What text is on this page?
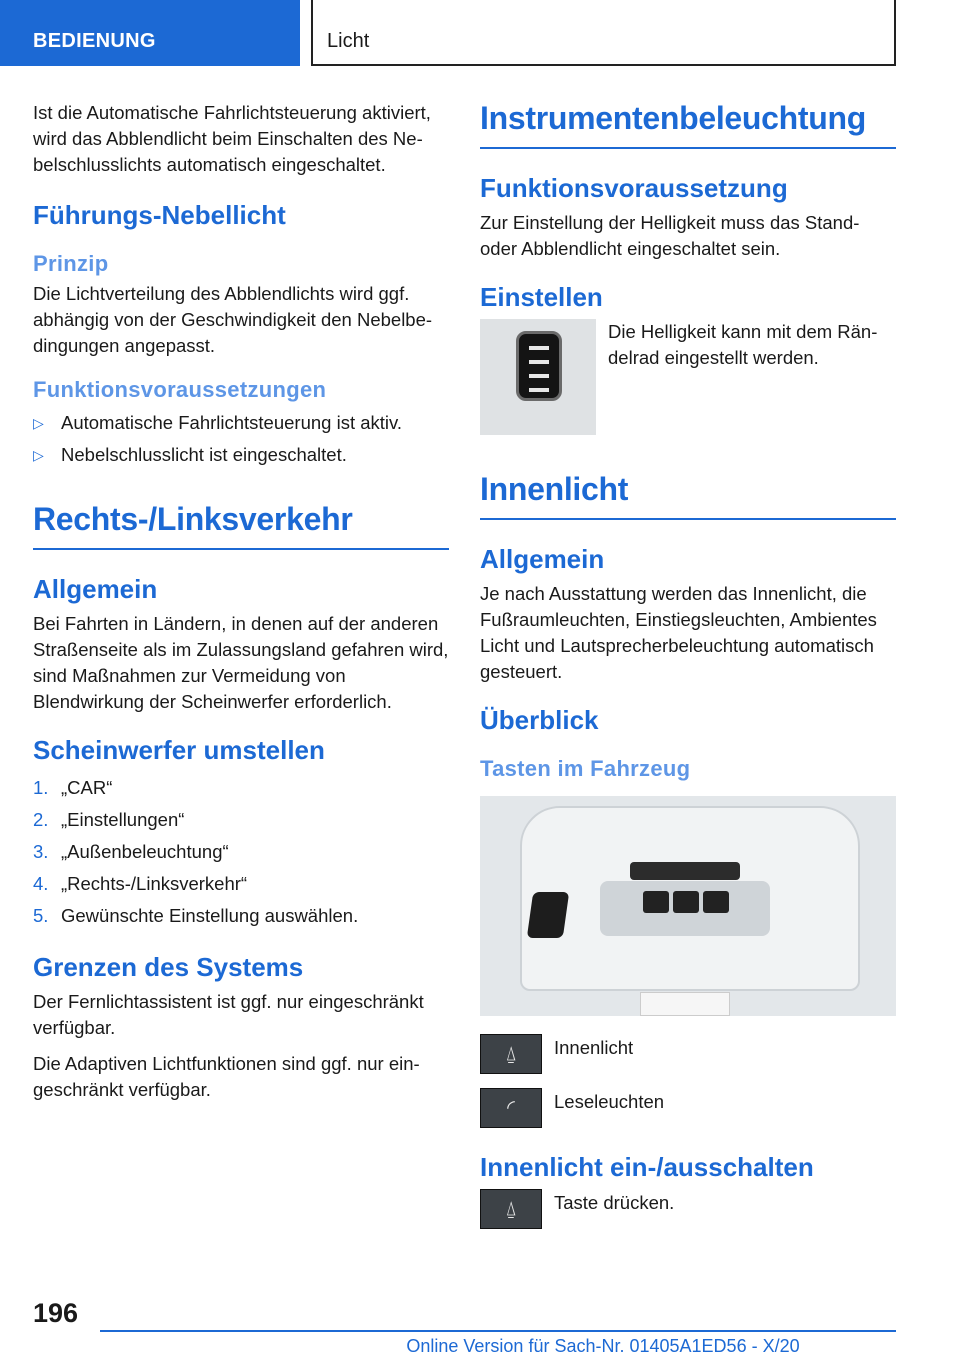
BEDIENUNG	Licht

Ist die Automatische Fahrlichtsteuerung aktiviert, wird das Abblendlicht beim Einschalten des Nebelschlusslichts automatisch eingeschaltet.

Führungs-Nebellicht
Prinzip

Die Lichtverteilung des Abblendlichts wird ggf. abhängig von der Geschwindigkeit den Nebelbedingungen angepasst.

Funktionsvoraussetzungen
▷ Automatische Fahrlichtsteuerung ist aktiv.
▷ Nebelschlusslicht ist eingeschaltet.
Rechts-/Linksverkehr
Allgemein

Bei Fahrten in Ländern, in denen auf der anderen Straßenseite als im Zulassungsland gefahren wird, sind Maßnahmen zur Vermeidung von Blendwirkung der Scheinwerfer erforderlich.

Scheinwerfer umstellen
1. „CAR“
2. „Einstellungen“
3. „Außenbeleuchtung“
4. „Rechts-/Linksverkehr“
5. Gewünschte Einstellung auswählen.
Grenzen des Systems

Der Fernlichtassistent ist ggf. nur eingeschränkt verfügbar.

Die Adaptiven Lichtfunktionen sind ggf. nur eingeschränkt verfügbar.

Instrumentenbeleuchtung
Funktionsvoraussetzung

Zur Einstellung der Helligkeit muss das Stand- oder Abblendlicht eingeschaltet sein.

Einstellen

Die Helligkeit kann mit dem Rändelrad eingestellt werden.

Innenlicht
Allgemein

Je nach Ausstattung werden das Innenlicht, die Fußraumleuchten, Einstiegsleuchten, Ambientes Licht und Lautsprecherbeleuchtung automatisch gesteuert.

Überblick
Tasten im Fahrzeug
⍙	Innenlicht

◜	Leseleuchten

Innenlicht ein-/ausschalten
⍙	Taste drücken.

196
Online Version für Sach-Nr. 01405A1ED56 - X/20
